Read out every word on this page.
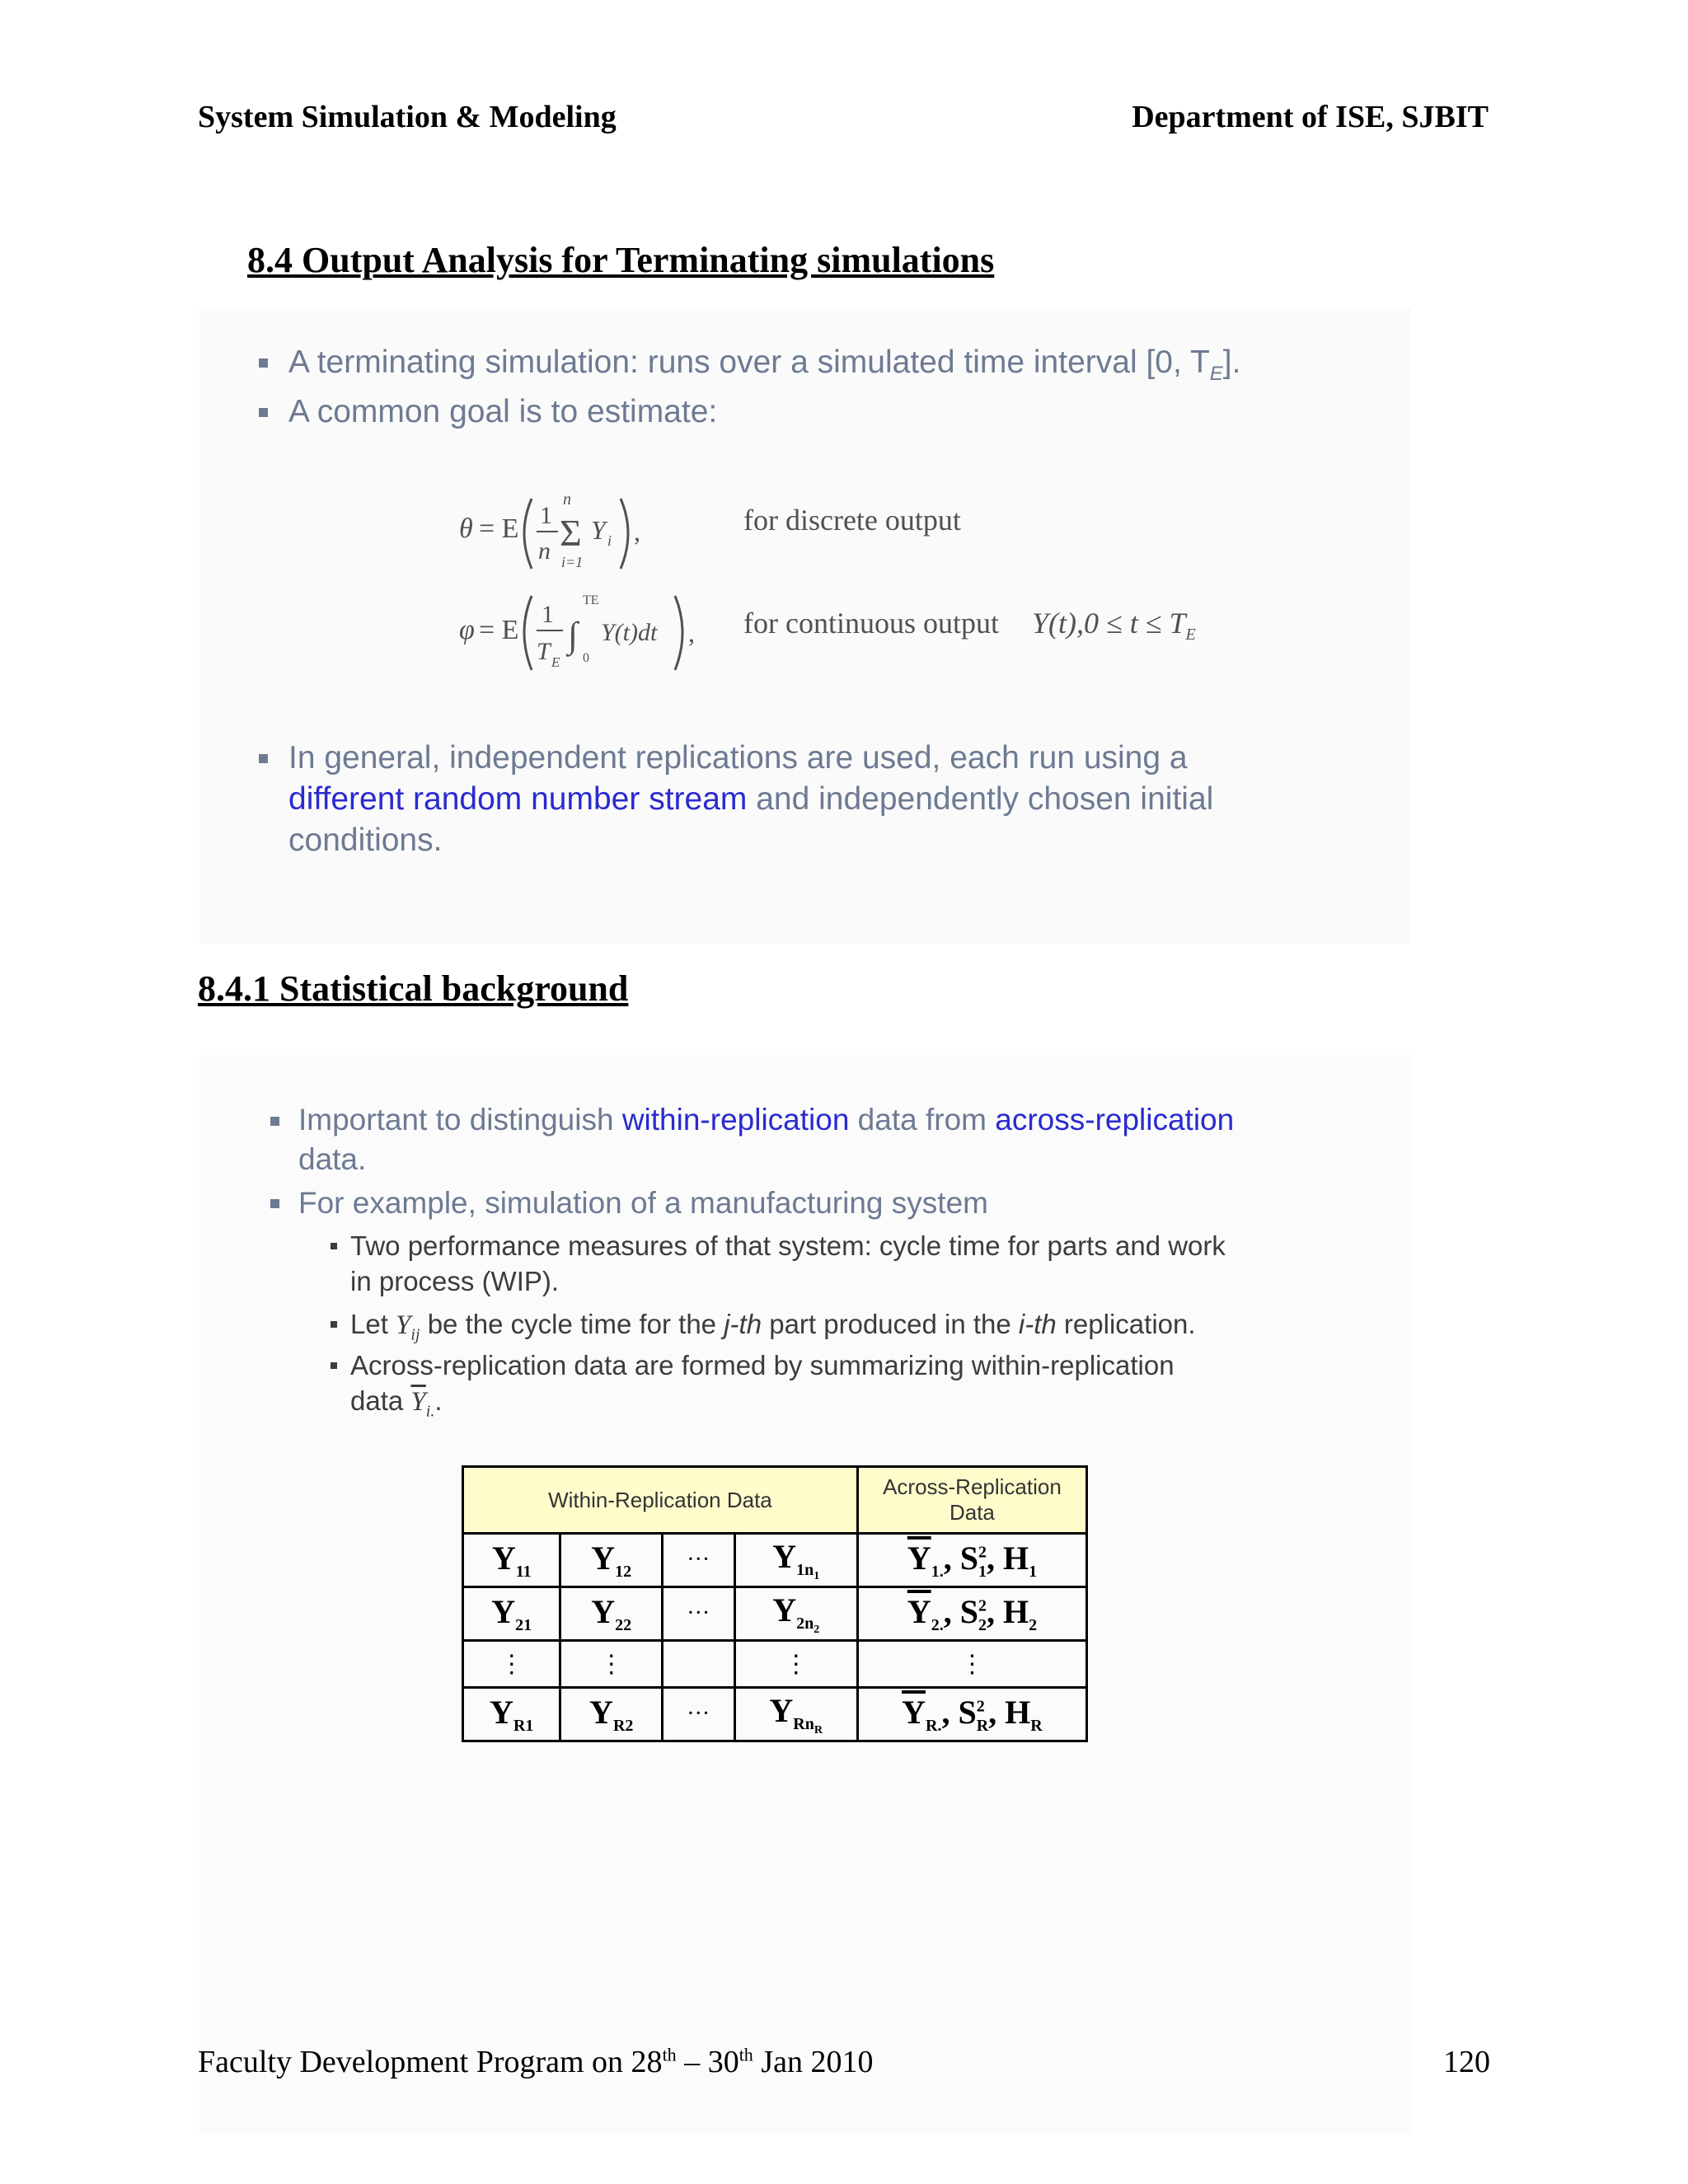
System Simulation & Modeling	Department of ISE, SJBIT
8.4 Output Analysis for Terminating simulations
A terminating simulation: runs over a simulated time interval [0, $T_E$].
A common goal is to estimate:
θ = E 1
n
n
Σ
i=1
Y i ,	for discrete output
φ = E
1
T E
∫
TE
0
Y(t)dt , for continuous output $Y(t),0 \le t \le T_E$
In general, independent replications are used, each run using a
different random number stream and independently chosen initial
conditions.
8.4.1 Statistical background
Important to distinguish within-replication data from across-replication
data.
For example, simulation of a manufacturing system
Two performance measures of that system: cycle time for parts and work
in process (WIP).
Let $Y_{ij}$ be the cycle time for the j-th part produced in the i-th replication.
Across-replication data are formed by summarizing within-replication
data $\overline{Y}_{i.}$.
Within-Replication Data				Across-Replication Data
$Y_{11}$	$Y_{12}$	···	$Y_{1n_1}$	$\overline{Y}_{1.}$, $S^2_1$, $H_1$
$Y_{21}$	$Y_{22}$	···	$Y_{2n_2}$	$\overline{Y}_{2.}$, $S^2_2$, $H_2$
⋮	⋮		⋮	⋮
$Y_{R1}$	$Y_{R2}$	···	$Y_{Rn_R}$	$\overline{Y}_{R.}$, $S^2_R$, $H_R$
Faculty Development Program on 28th – 30th Jan 2010	120
